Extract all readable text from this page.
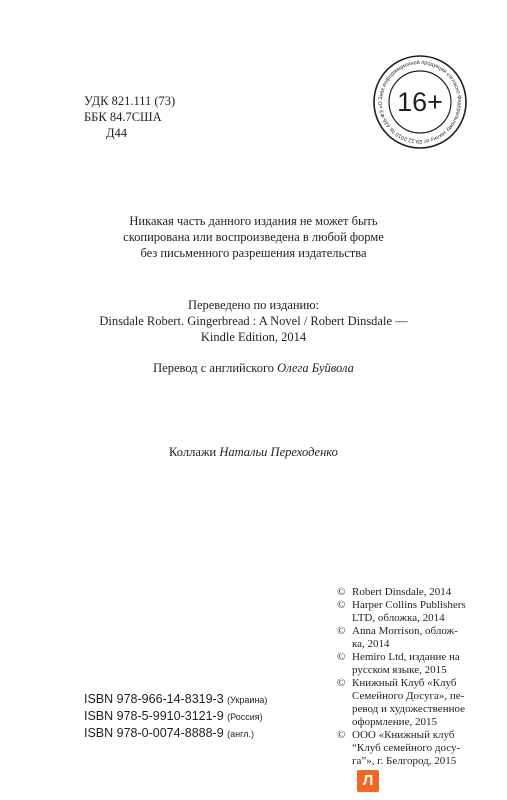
УДК 821.111 (73)
ББК 84.7США
Д44
Знак информационной продукции согласно Федеральному закону от 29.12.2010 № 436-ФЗ «О 16+
Никакая часть данного издания не может быть
скопирована или воспроизведена в любой форме
без письменного разрешения издательства
Переведено по изданию:
Dinsdale Robert. Gingerbread : A Novel / Robert Dinsdale —
Kindle Edition, 2014
Перевод с английского Олега Буйвола
Коллажи Натальи Переходенко
© Robert Dinsdale, 2014
© Harper Collins Publishers
LTD, обложка, 2014
© Anna Morrison, облож-
ка, 2014
© Hemiro Ltd, издание на
русском языке, 2015
© Книжный Клуб «Клуб
Семейного Досуга», пе-
ревод и художественное
оформление, 2015
© ООО «Книжный клуб
“Клуб семейного досу-
га”», г. Белгород, 2015
ISBN 978-966-14-8319-3 (Украина)
ISBN 978-5-9910-3121-9 (Россия)
ISBN 978-0-0074-8888-9 (англ.)
Л
